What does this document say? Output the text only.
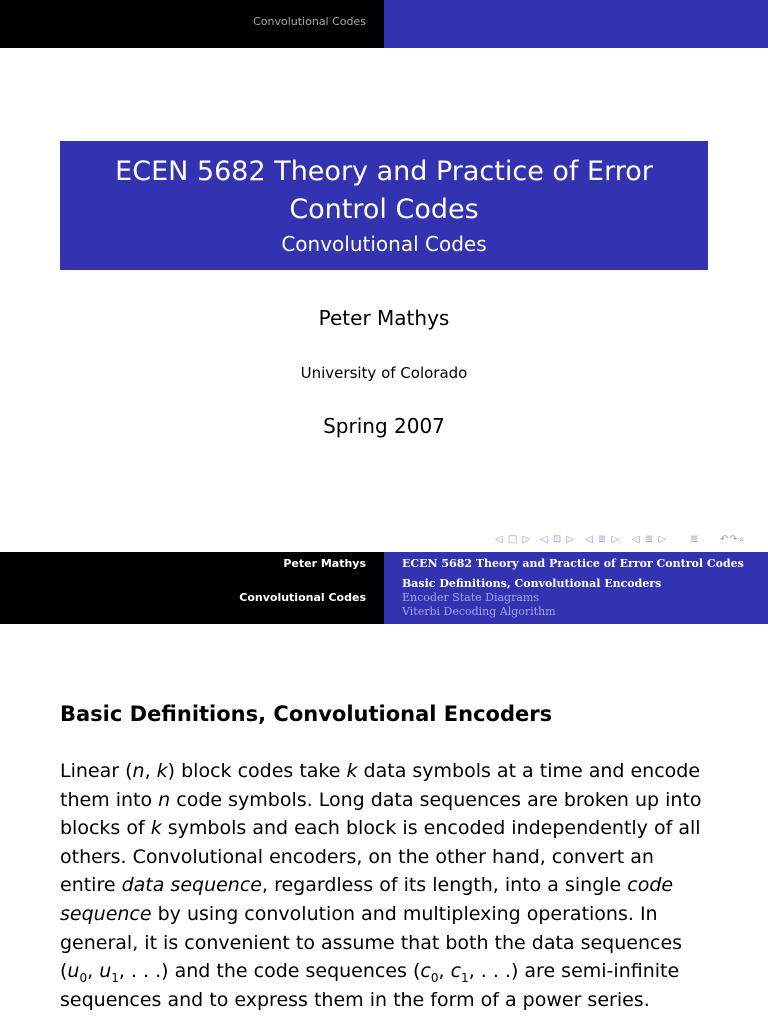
Convolutional Codes
ECEN 5682 Theory and Practice of Error Control Codes
Convolutional Codes
Peter Mathys
University of Colorado
Spring 2007
◁ □ ▷ ◁ ⊡ ▷ ◁ ≣ ▷ ◁ ≣ ▷ ≣ ↶↷⌕
Peter Mathys
Convolutional Codes
ECEN 5682 Theory and Practice of Error Control Codes
Basic Definitions, Convolutional Encoders
Encoder State Diagrams
Viterbi Decoding Algorithm
Basic Definitions, Convolutional Encoders
Linear (n, k) block codes take k data symbols at a time and encode
them into n code symbols. Long data sequences are broken up into
blocks of k symbols and each block is encoded independently of all
others. Convolutional encoders, on the other hand, convert an
entire data sequence, regardless of its length, into a single code
sequence by using convolution and multiplexing operations. In
general, it is convenient to assume that both the data sequences
($u_0$, $u_1$, . . .) and the code sequences ($c_0$, $c_1$, . . .) are semi-infinite
sequences and to express them in the form of a power series.
